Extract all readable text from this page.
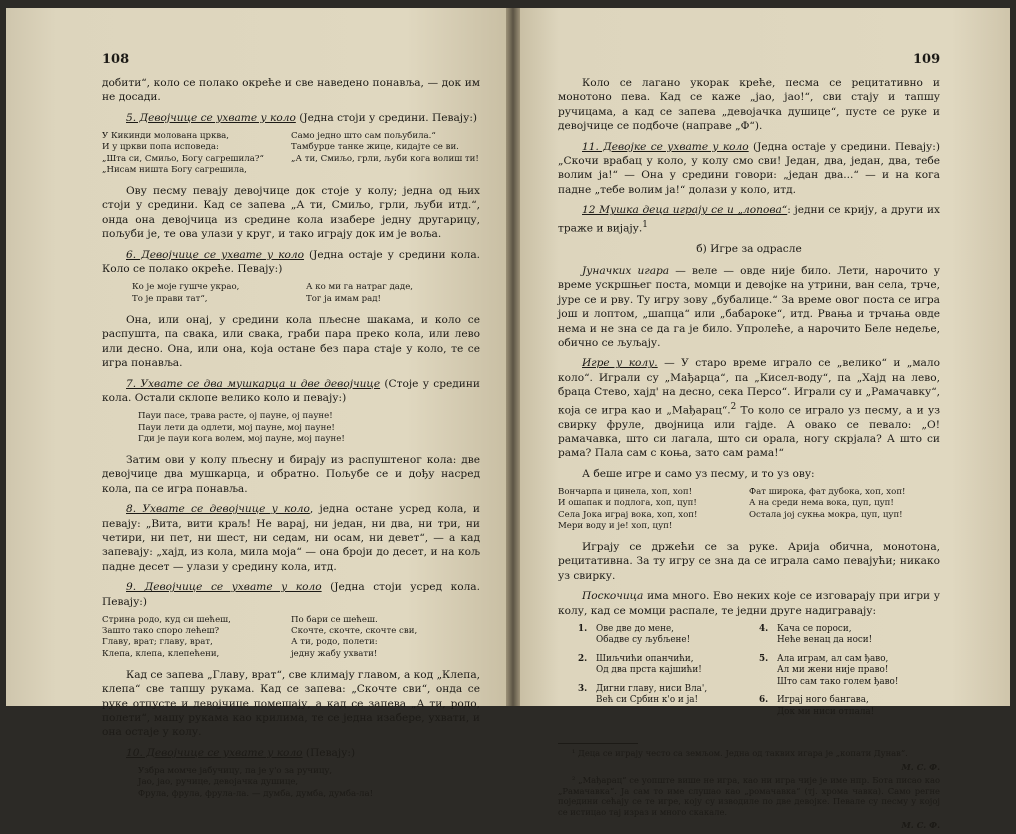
108

добити“, коло се полако окреће и све наведено понавља, — док им не досади.

5. Девојчице се ухвате у коло (Једна стоји у средини. Певају:)

У Кикинди молована црква,
И у цркви попа исповеда:
„Шта си, Смиљо, Богу сагрешила?“
„Нисам ништа Богу сагрешила,
Само једно што сам пољубила.“
Тамбурџе танке жице, кидајте се ви.
„А ти, Смиљо, грли, љуби кога волиш ти!

Ову песму певају девојчице док стоје у колу; једна од њих стоји у средини. Кад се запева „А ти, Смиљо, грли, љуби итд.“, онда она девојчица из средине кола изабере једну другарицу, пољуби је, те ова улази у круг, и тако играју док им је воља.

6. Девојчице се ухвате у коло (Једна остаје у средини кола. Коло се полако окреће. Певају:)

Ко је моје гушче украо,
То је прави тат“,
А ко ми га натраг даде,
Тог ја имам рад!

Она, или онај, у средини кола пљесне шакама, и коло се распушта, па свака, или свака, граби пара преко кола, или лево или десно. Она, или она, која остане без пара стаје у коло, те се игра понавља.

7. Ухвате се два мушкарца и две девојчице (Стоје у средини кола. Остали склопе велико коло и певају:)

Пауи пасе, трава расте, ој пауне, ој пауне!
Пауи лети да одлети, мој пауне, мој пауне!
Гди је пауи кога волем, мој пауне, мој пауне!

Затим ови у колу пљесну и бирају из распуштеног кола: две девојчице два мушкарца, и обратно. Пољубе се и дођу насред кола, па се игра понавља.

8. Ухвате се девојчице у коло, једна остане усред кола, и певају: „Вита, вити краљ! Не варај, ни један, ни два, ни три, ни четири, ни пет, ни шест, ни седам, ни осам, ни девет“, — а кад запевају: „хајд, из кола, мила моја“ — она броји до десет, и на кољ падне десет — улази у средину кола, итд.

9. Девојчице се ухвате у коло (Једна стоји усред кола. Певају:)

Стрина родо, куд си шећеш,
Зашто тако споро лећеш?
Главу, врат; главу, врат,
Клепа, клепа, клепећени,
По бари се шећеш.
Скочте, скочте, скочте сви,
А ти, родо, полети:
једну жабу ухвати!

Кад се запева „Главу, врат“, све климају главом, а код „Клепа, клепа“ све тапшу рукама. Кад се запева: „Скочте сви“, онда се руке отпусте и девојчице помешају, а кад се запева „А ти, родо, полети“, машу рукама као крилима, те се једна изабере, ухвати, и она остаје у колу.

10. Девојчице се ухвате у коло (Певају:)

Узбра момче јабучицу, па је у'о за ручицу,
Јао, јао, ручице, девојачка душице,
Фрула, фрула, фрула-ла. — думба, думба, думба-ла!
109

Коло се лагано укорак креће, песма се рецитативно и монотоно пева. Кад се каже „јао, јао!“, сви стају и тапшу ручицама, а кад се запева „девојачка душице“, пусте се руке и девојчице се подбоче (направе „Ф“).

11. Девојке се ухвате у коло (Једна остаје у средини. Певају:) „Скочи врабац у коло, у колу смо сви! Један, два, један, два, тебе волим ја!“ — Она у средини говори: „један два...“ — и на кога падне „тебе волим ја!“ долази у коло, итд.

12 Мушка деца играју се и „лопова“: једни се крију, а други их траже и вијају.$^1$

б) Игре за одрасле

Јуначких игара — веле — овде није било. Лети, нарочито у време ускршњег поста, момци и девојке на утрини, ван села, трче, јуре се и рву. Ту игру зову „бубалице.“ За време овог поста се игра још и лоптом, „шапца“ или „бабароке“, итд. Рвања и трчања овде нема и не зна се да га је било. Упролеће, а нарочито Беле недеље, обично се љуљају.

Игре у колу. — У старо време играло се „велико“ и „мало коло“. Играли су „Мађарца“, па „Кисел-воду“, па „Хајд на лево, браца Стево, хајд' на десно, сека Персо“. Играли су и „Рамачавку“, која се игра као и „Мађарац“.$^2$ То коло се играло уз песму, а и уз свирку фруле, двојница или гајде. А овако се певало: „О! рамачавка, што си лагала, што си орала, ногу скрјала? А што си рама? Пала сам с коња, зато сам рама!“

А беше игре и само уз песму, и то уз ову:

Вончарпа и цинела, хоп, хоп!
И ошапак и подлога, хоп, цуп!
Села Јока играј вока, хоп, хоп!
Мери воду и је! хоп, цуп!
Фат широка, фат дубока, хоп, хоп!
А на среди нема вока, цуп, цуп!
Остала јој сукња мокра, цуп, цуп!

Играју се држећи се за руке. Арија обична, монотона, рецитативна. За ту игру се зна да се играла само певајући; никако уз свирку.

Поскочица има много. Ево неких које се изговарају при игри у колу, кад се момци распале, те једни друге надигравају:

1.	Ове две до мене,
Обадве су љубљене!
2.	Шиљчићи опанчићи,
Од два прста кајшићи!
3.	Дигни главу, ниси Вла',
Већ си Србин к'о и ја!
4.	Кача се пороси,
Неће венац да носи!
5.	Ала играм, ал сам ђаво,
Ал ми жени није право!
Што сам тако голем ђаво!
6.	Играј ного бангава,
Док ми ниси отпала!
¹ Деца се играју често са земљом. Једна од таквих игара је „копати Дунав“.
М. С. Ф.
² „Мађарац“ се уопште више не игра, као ни игра чије је име нпр. Бота писао као „Рамачавка“. Ја сам то име слушао као „ромачавка“ (тј. хрома чавка). Само регне поједини сећају се те игре, коју су изводиле по две девојке. Певале су песму у којој се истицао тај израз и много скакале.
М. С. Ф.
